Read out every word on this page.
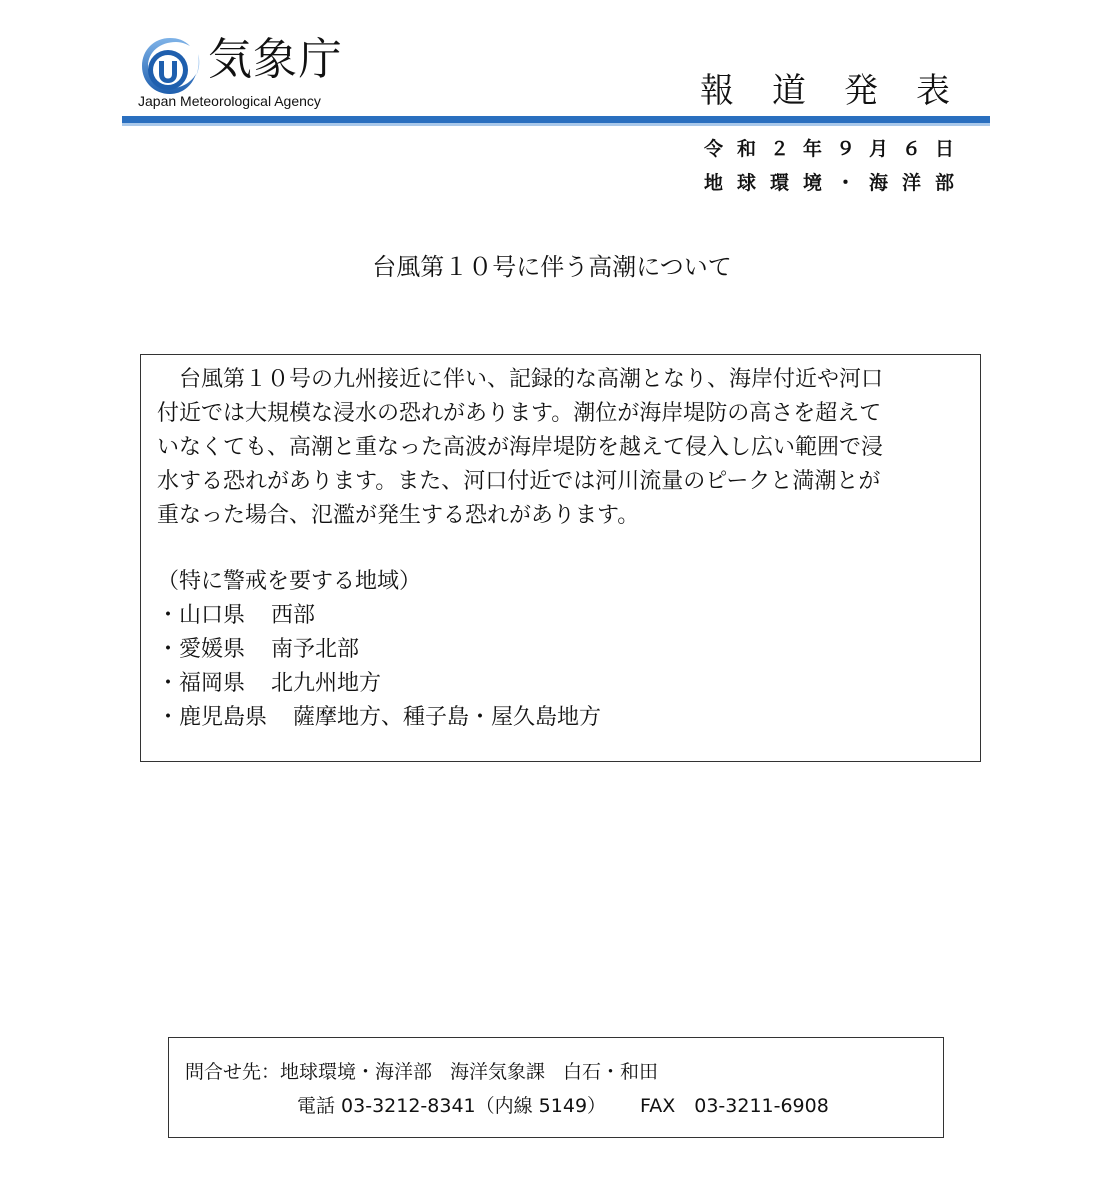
気象庁
Japan Meteorological Agency	報道発表
令和２年９月６日
地球環境・海洋部
台風第１０号に伴う高潮について
　台風第１０号の九州接近に伴い、記録的な高潮となり、海岸付近や河口
付近では大規模な浸水の恐れがあります。潮位が海岸堤防の高さを超えて
いなくても、高潮と重なった高波が海岸堤防を越えて侵入し広い範囲で浸
水する恐れがあります。また、河口付近では河川流量のピークと満潮とが
重なった場合、氾濫が発生する恐れがあります。
（特に警戒を要する地域）
・山口県 西部
・愛媛県 南予北部
・福岡県 北九州地方
・鹿児島県 薩摩地方、種子島・屋久島地方
問合せ先：地球環境・海洋部 海洋気象課 白石・和田
電話 03-3212-8341（内線 5149） FAX　03-3211-6908
